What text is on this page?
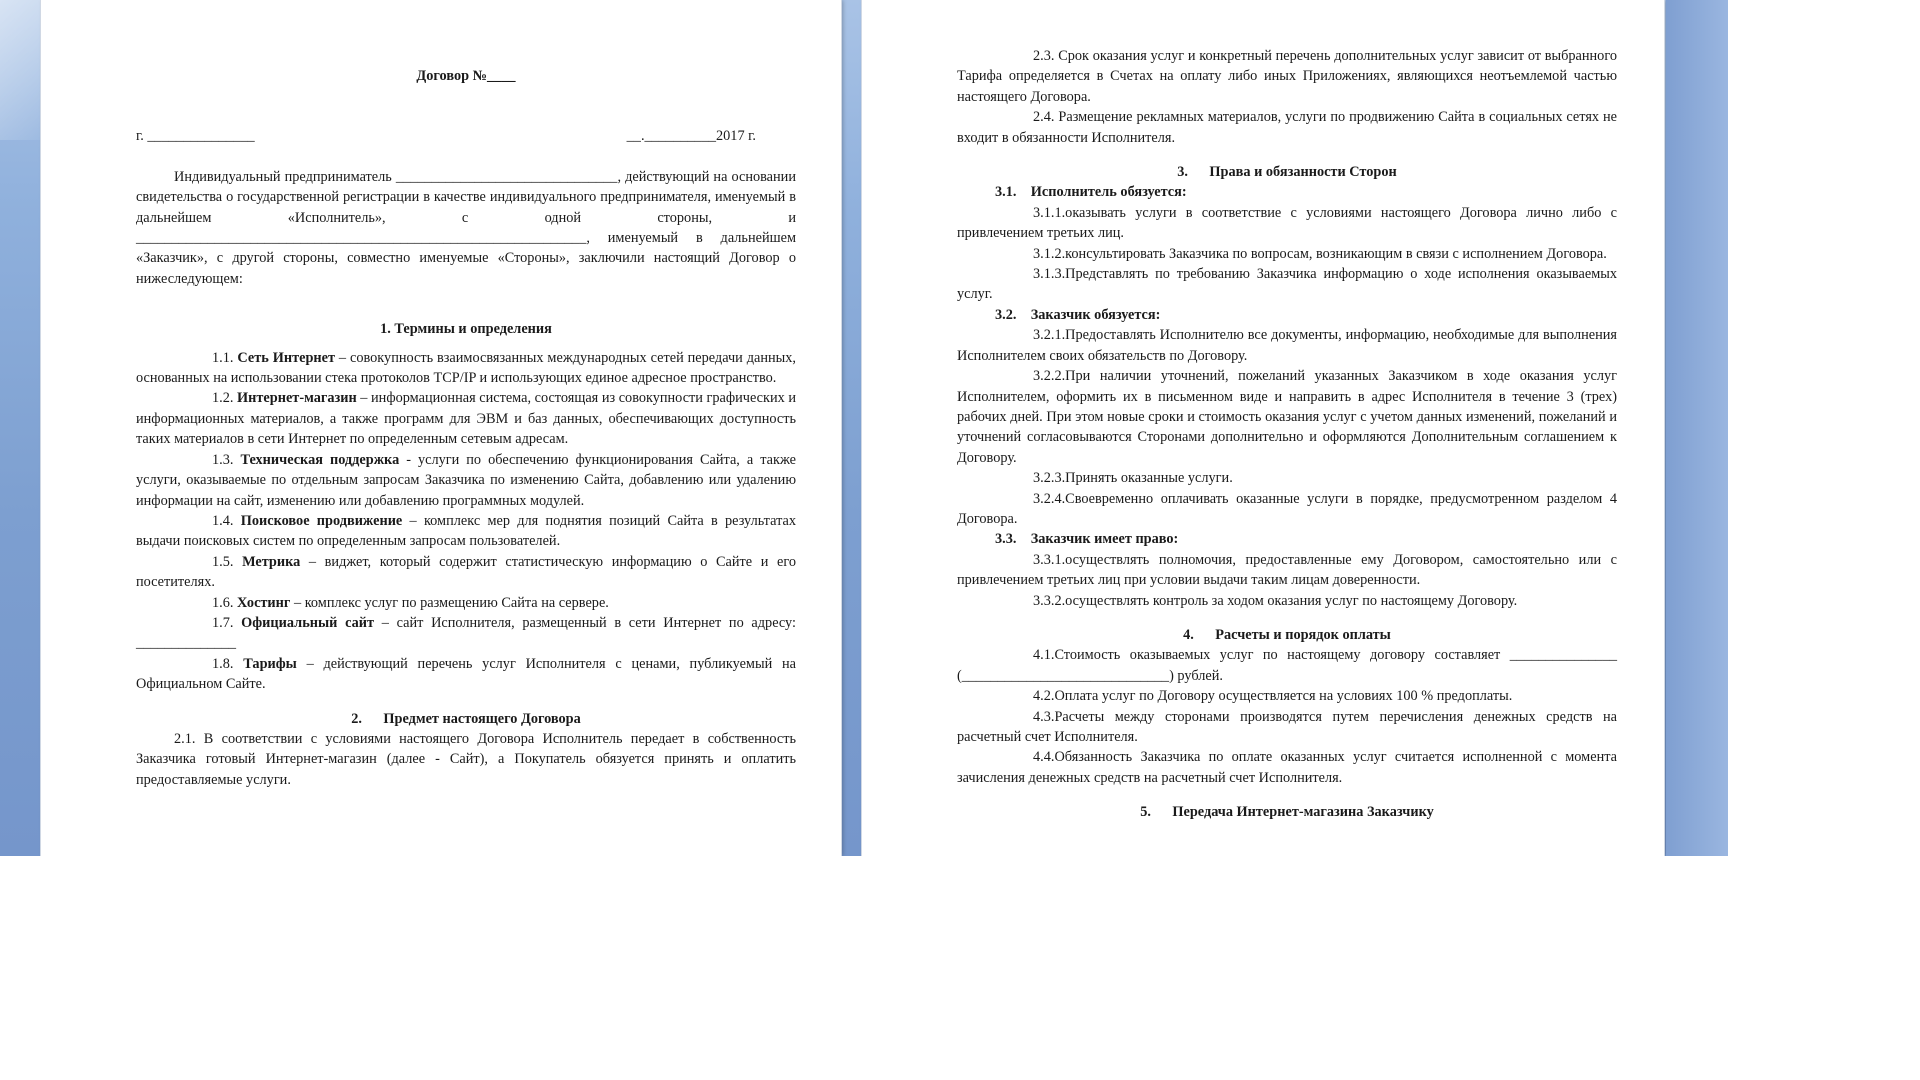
Договор №____

г. _______________	__.__________2017 г.

Индивидуальный предприниматель _______________________________, действующий на основании свидетельства о государственной регистрации в качестве индивидуального предпринимателя, именуемый в дальнейшем «Исполнитель», с одной стороны, и _______________________________________________________________, именуемый в дальнейшем «Заказчик», с другой стороны, совместно именуемые «Стороны», заключили настоящий Договор о нижеследующем:

1. Термины и определения

1.1. Сеть Интернет – совокупность взаимосвязанных международных сетей передачи данных, основанных на использовании стека протоколов TCP/IP и использующих единое адресное пространство.

1.2. Интернет-магазин – информационная система, состоящая из совокупности графических и информационных материалов, а также программ для ЭВМ и баз данных, обеспечивающих доступность таких материалов в сети Интернет по определенным сетевым адресам.

1.3. Техническая поддержка - услуги по обеспечению функционирования Сайта, а также услуги, оказываемые по отдельным запросам Заказчика по изменению Сайта, добавлению или удалению информации на сайт, изменению или добавлению программных модулей.

1.4. Поисковое продвижение – комплекс мер для поднятия позиций Сайта в результатах выдачи поисковых систем по определенным запросам пользователей.

1.5. Метрика – виджет, который содержит статистическую информацию о Сайте и его посетителях.

1.6. Хостинг – комплекс услуг по размещению Сайта на сервере.

1.7. Официальный сайт – сайт Исполнителя, размещенный в сети Интернет по адресу: ______________

1.8. Тарифы – действующий перечень услуг Исполнителя с ценами, публикуемый на Официальном Сайте.

2.      Предмет настоящего Договора

2.1. В соответствии с условиями настоящего Договора Исполнитель передает в собственность Заказчика готовый Интернет-магазин (далее - Сайт), а Покупатель обязуется принять и оплатить предоставляемые услуги.

2.3. Срок оказания услуг и конкретный перечень дополнительных услуг зависит от выбранного Тарифа определяется в Счетах на оплату либо иных Приложениях, являющихся неотъемлемой частью настоящего Договора.

2.4. Размещение рекламных материалов, услуги по продвижению Сайта в социальных сетях не входит в обязанности Исполнителя.

3.      Права и обязанности Сторон

3.1.    Исполнитель обязуется:

3.1.1.оказывать услуги в соответствие с условиями настоящего Договора лично либо с привлечением третьих лиц.

3.1.2.консультировать Заказчика по вопросам, возникающим в связи с исполнением Договора.

3.1.3.Представлять по требованию Заказчика информацию о ходе исполнения оказываемых услуг.

3.2.    Заказчик обязуется:

3.2.1.Предоставлять Исполнителю все документы, информацию, необходимые для выполнения Исполнителем своих обязательств по Договору.

3.2.2.При наличии уточнений, пожеланий указанных Заказчиком в ходе оказания услуг Исполнителем, оформить их в письменном виде и направить в адрес Исполнителя в течение 3 (трех) рабочих дней. При этом новые сроки и стоимость оказания услуг с учетом данных изменений, пожеланий и уточнений согласовываются Сторонами дополнительно и оформляются Дополнительным соглашением к Договору.

3.2.3.Принять оказанные услуги.

3.2.4.Своевременно оплачивать оказанные услуги в порядке, предусмотренном разделом 4 Договора.

3.3.    Заказчик имеет право:

3.3.1.осуществлять полномочия, предоставленные ему Договором, самостоятельно или с привлечением третьих лиц при условии выдачи таким лицам доверенности.

3.3.2.осуществлять контроль за ходом оказания услуг по настоящему Договору.

4.      Расчеты и порядок оплаты

4.1.Стоимость оказываемых услуг по настоящему договору составляет _______________ (_____________________________) рублей.

4.2.Оплата услуг по Договору осуществляется на условиях 100 % предоплаты.

4.3.Расчеты между сторонами производятся путем перечисления денежных средств на расчетный счет Исполнителя.

4.4.Обязанность Заказчика по оплате оказанных услуг считается исполненной с момента зачисления денежных средств на расчетный счет Исполнителя.

5.      Передача Интернет-магазина Заказчику
